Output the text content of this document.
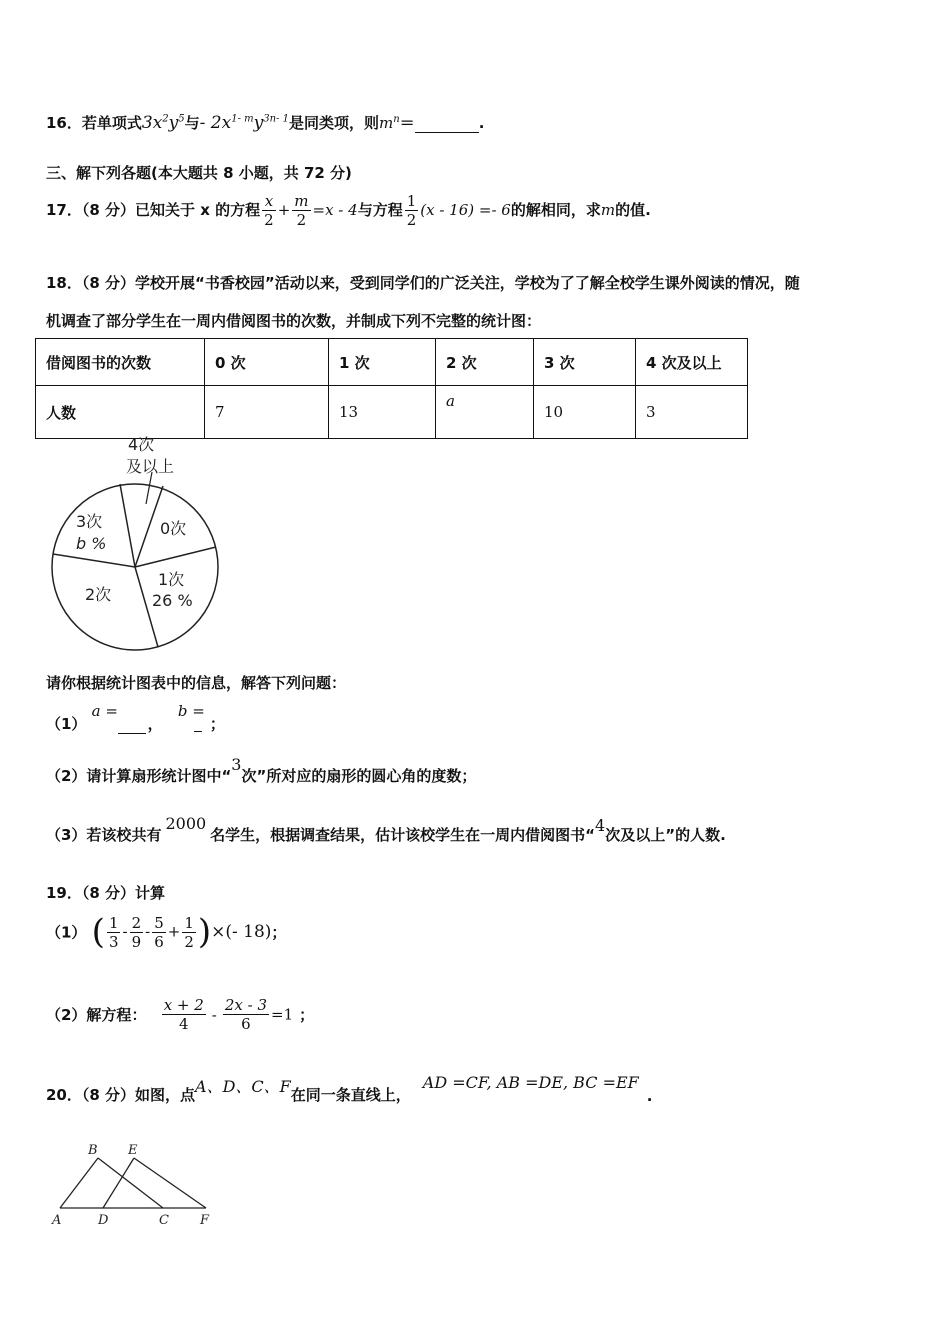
16．若单项式$3x^2y^5$与- $2x^{1- m}y^{3n- 1}$是同类项，则$m^n=$	.
三、解下列各题(本大题共 8 小题，共 72 分)
17．（8 分）已知关于 x 的方程 $\frac{x}{2} + \frac{m}{2} =x - 4$与方程 $\frac{1}{2} (x - 16) =- 6$的解相同，求m的值.
18．（8 分）学校开展“书香校园”活动以来，受到同学们的广泛关注，学校为了了解全校学生课外阅读的情况，随
机调查了部分学生在一周内借阅图书的次数，并制成下列不完整的统计图：
借阅图书的次数	0 次	1 次	2 次	3 次	4 次及以上
人数	7	13	a	10	3
4次
及以上
0次
3次
b %
1次
26 %
2次
请你根据统计图表中的信息，解答下列问题：
（1）
a =

，
b =

；
（2）请计算扇形统计图中“3次”所对应的扇形的圆心角的度数；
（3）若该校共有2000名学生，根据调查结果，估计该校学生在一周内借阅图书“4次及以上”的人数.
19．（8 分）计算
（1） ( $\frac{1}{3} - \frac{2}{9} - \frac{5}{6} + \frac{1}{2}$ )×(- 18)；
（2）解方程： $\frac{x + 2}{4} - \frac{2x - 3}{6} =1$ ；
20．（8 分）如图，点A、D、C、F在同一条直线上，AD =CF, AB =DE, BC =EF.
B E
A	D	C F
